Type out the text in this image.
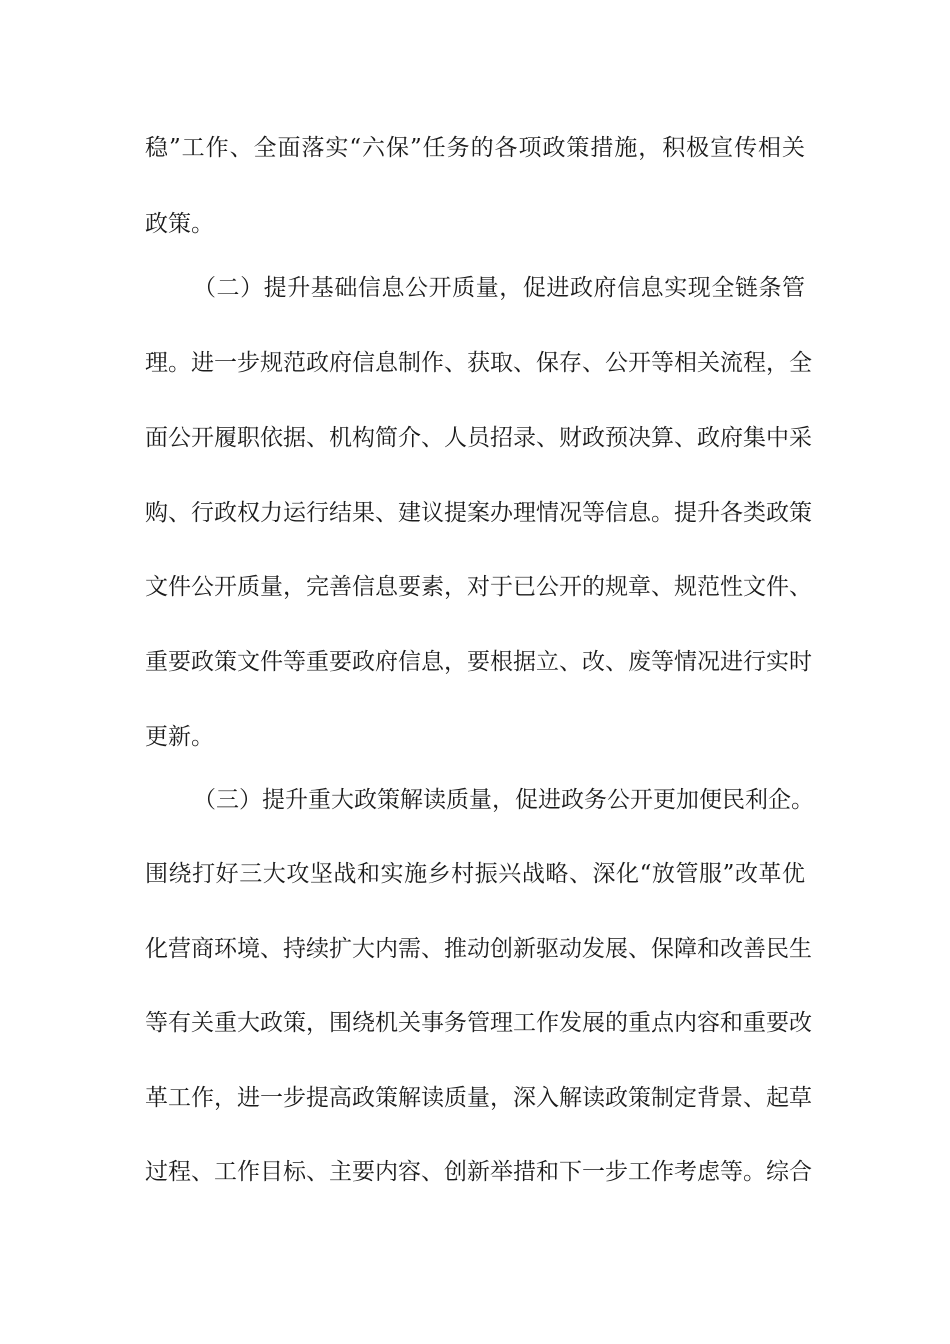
稳”工作、全面落实“六保”任务的各项政策措施，积极宣传相关
政策。
（二）提升基础信息公开质量，促进政府信息实现全链条管
理。进一步规范政府信息制作、获取、保存、公开等相关流程，全
面公开履职依据、机构简介、人员招录、财政预决算、政府集中采
购、行政权力运行结果、建议提案办理情况等信息。提升各类政策
文件公开质量，完善信息要素，对于已公开的规章、规范性文件、
重要政策文件等重要政府信息，要根据立、改、废等情况进行实时
更新。
（三）提升重大政策解读质量，促进政务公开更加便民利企。
围绕打好三大攻坚战和实施乡村振兴战略、深化“放管服”改革优
化营商环境、持续扩大内需、推动创新驱动发展、保障和改善民生
等有关重大政策，围绕机关事务管理工作发展的重点内容和重要改
革工作，进一步提高政策解读质量，深入解读政策制定背景、起草
过程、工作目标、主要内容、创新举措和下一步工作考虑等。综合
